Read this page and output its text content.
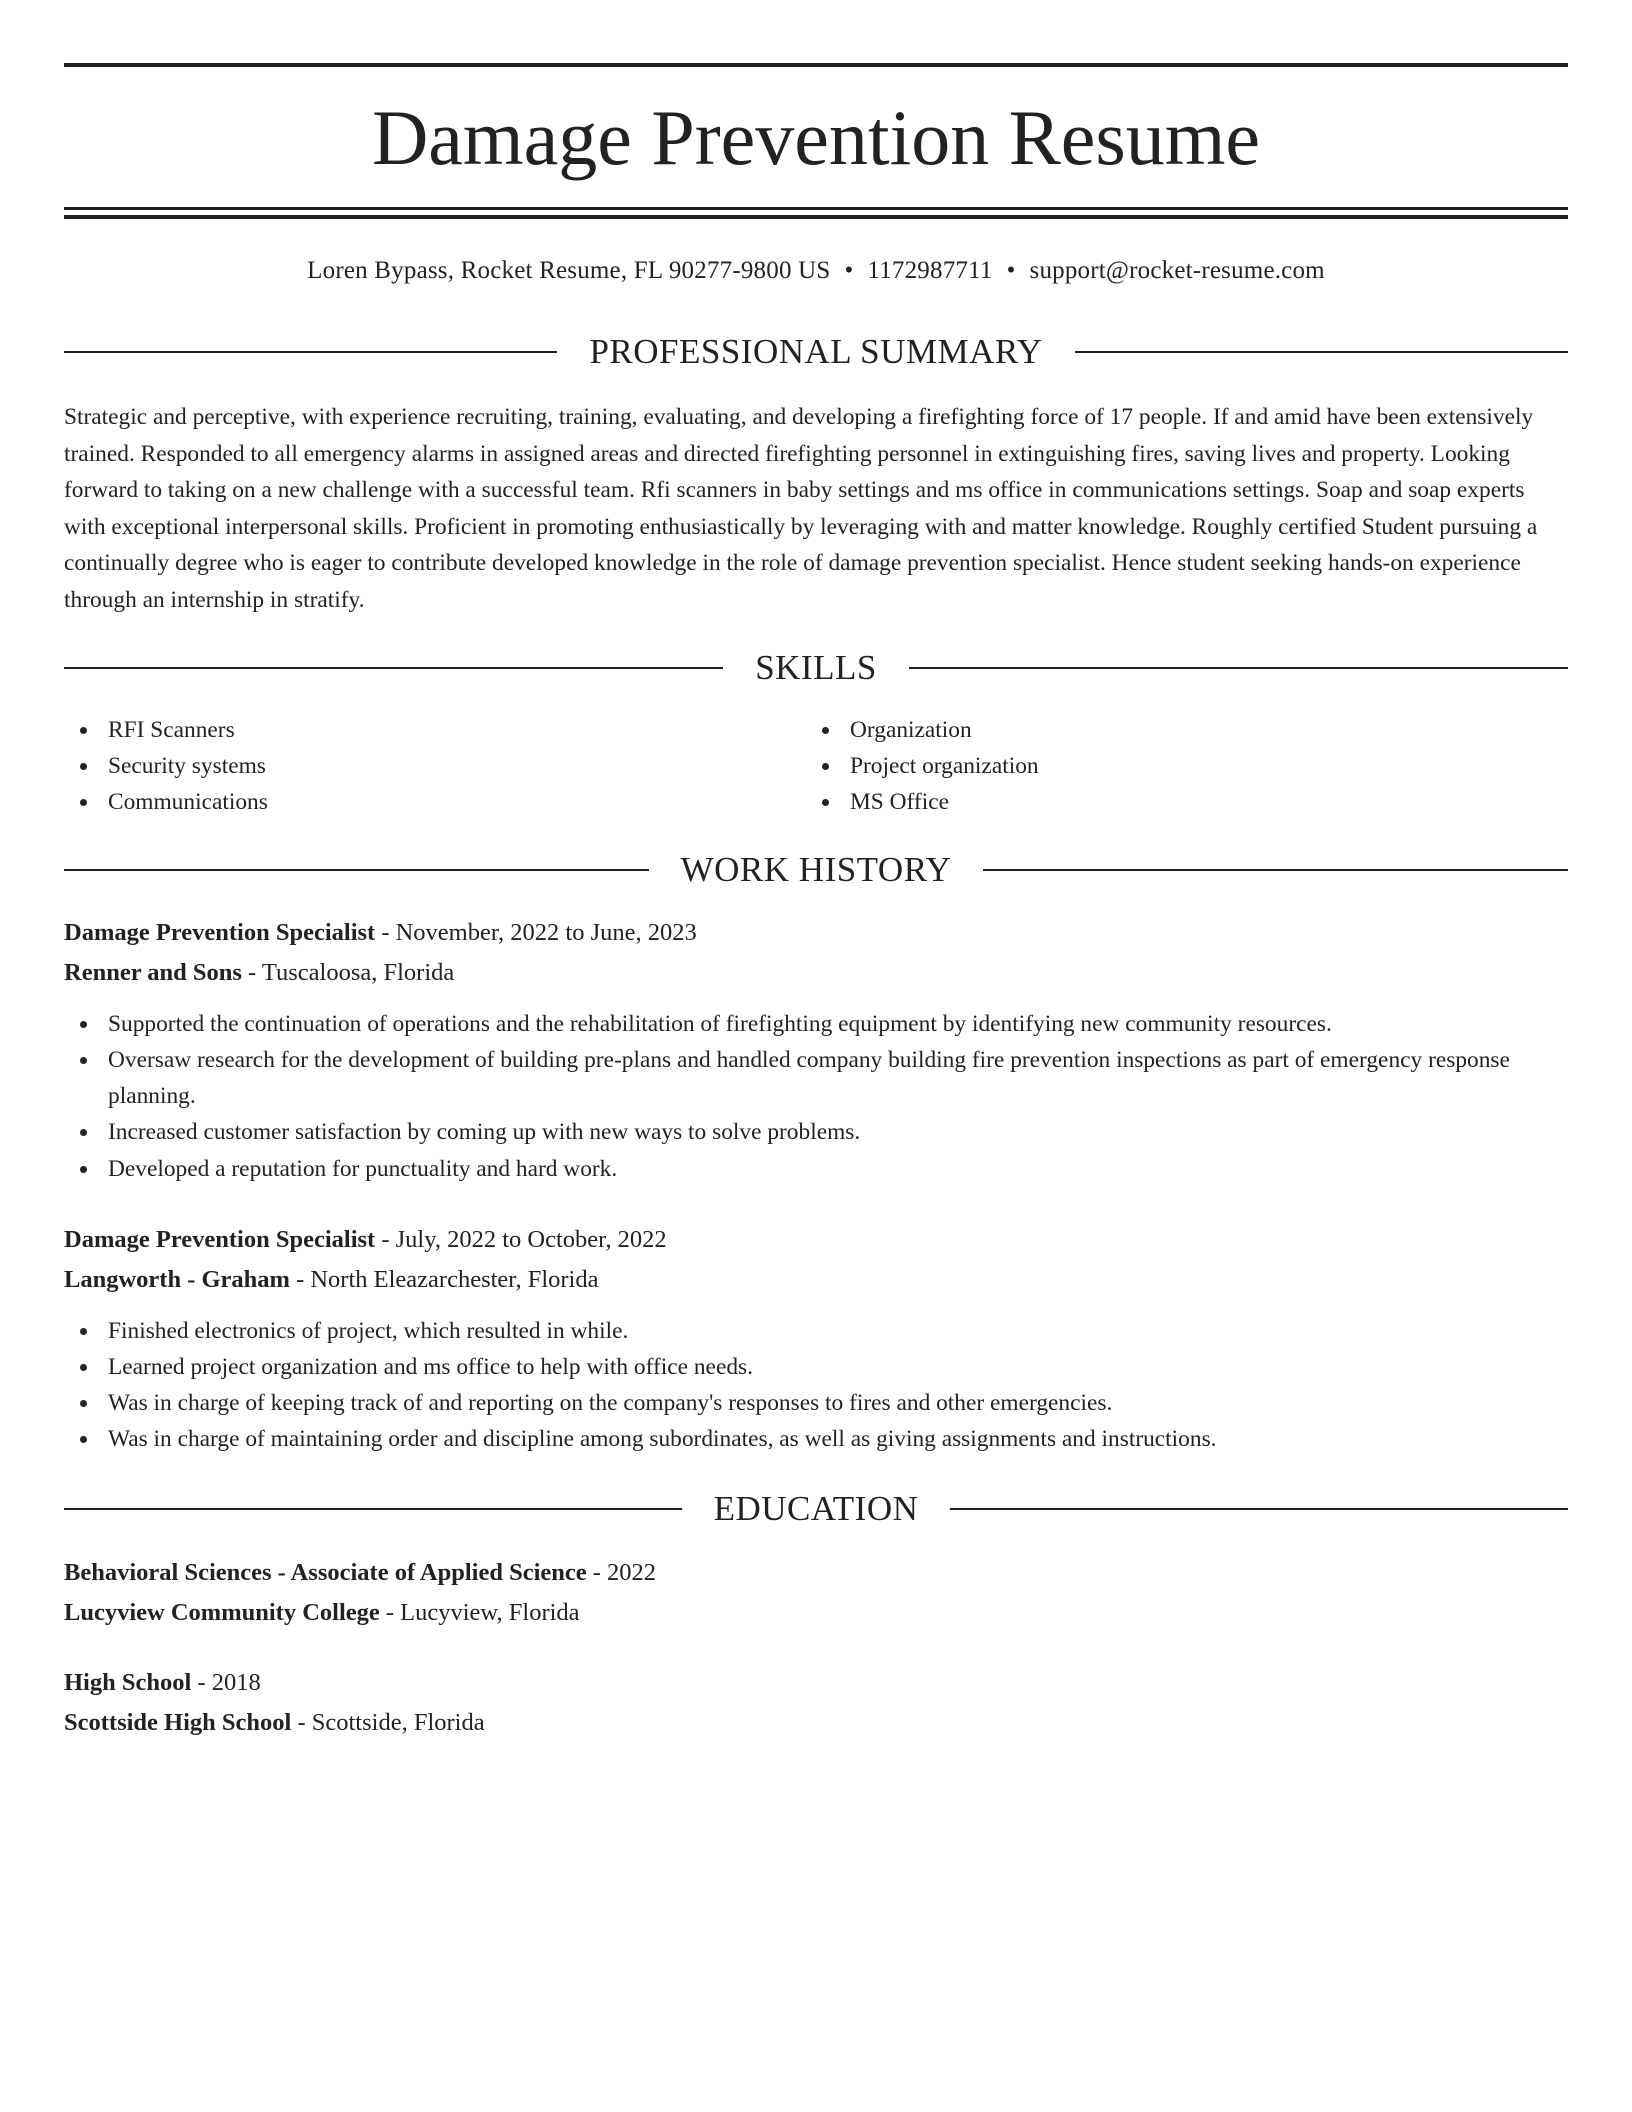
Damage Prevention Resume
Loren Bypass, Rocket Resume, FL 90277-9800 US • 1172987711 • support@rocket-resume.com
PROFESSIONAL SUMMARY

Strategic and perceptive, with experience recruiting, training, evaluating, and developing a firefighting force of 17 people. If and amid have been extensively trained. Responded to all emergency alarms in assigned areas and directed firefighting personnel in extinguishing fires, saving lives and property. Looking forward to taking on a new challenge with a successful team. Rfi scanners in baby settings and ms office in communications settings. Soap and soap experts with exceptional interpersonal skills. Proficient in promoting enthusiastically by leveraging with and matter knowledge. Roughly certified Student pursuing a continually degree who is eager to contribute developed knowledge in the role of damage prevention specialist. Hence student seeking hands-on experience through an internship in stratify.

SKILLS
RFI Scanners
Security systems
Communications
Organization
Project organization
MS Office
WORK HISTORY
Damage Prevention Specialist - November, 2022 to June, 2023
Renner and Sons - Tuscaloosa, Florida
Supported the continuation of operations and the rehabilitation of firefighting equipment by identifying new community resources.
Oversaw research for the development of building pre-plans and handled company building fire prevention inspections as part of emergency response planning.
Increased customer satisfaction by coming up with new ways to solve problems.
Developed a reputation for punctuality and hard work.
Damage Prevention Specialist - July, 2022 to October, 2022
Langworth - Graham - North Eleazarchester, Florida
Finished electronics of project, which resulted in while.
Learned project organization and ms office to help with office needs.
Was in charge of keeping track of and reporting on the company's responses to fires and other emergencies.
Was in charge of maintaining order and discipline among subordinates, as well as giving assignments and instructions.
EDUCATION
Behavioral Sciences - Associate of Applied Science - 2022
Lucyview Community College - Lucyview, Florida
High School - 2018
Scottside High School - Scottside, Florida
